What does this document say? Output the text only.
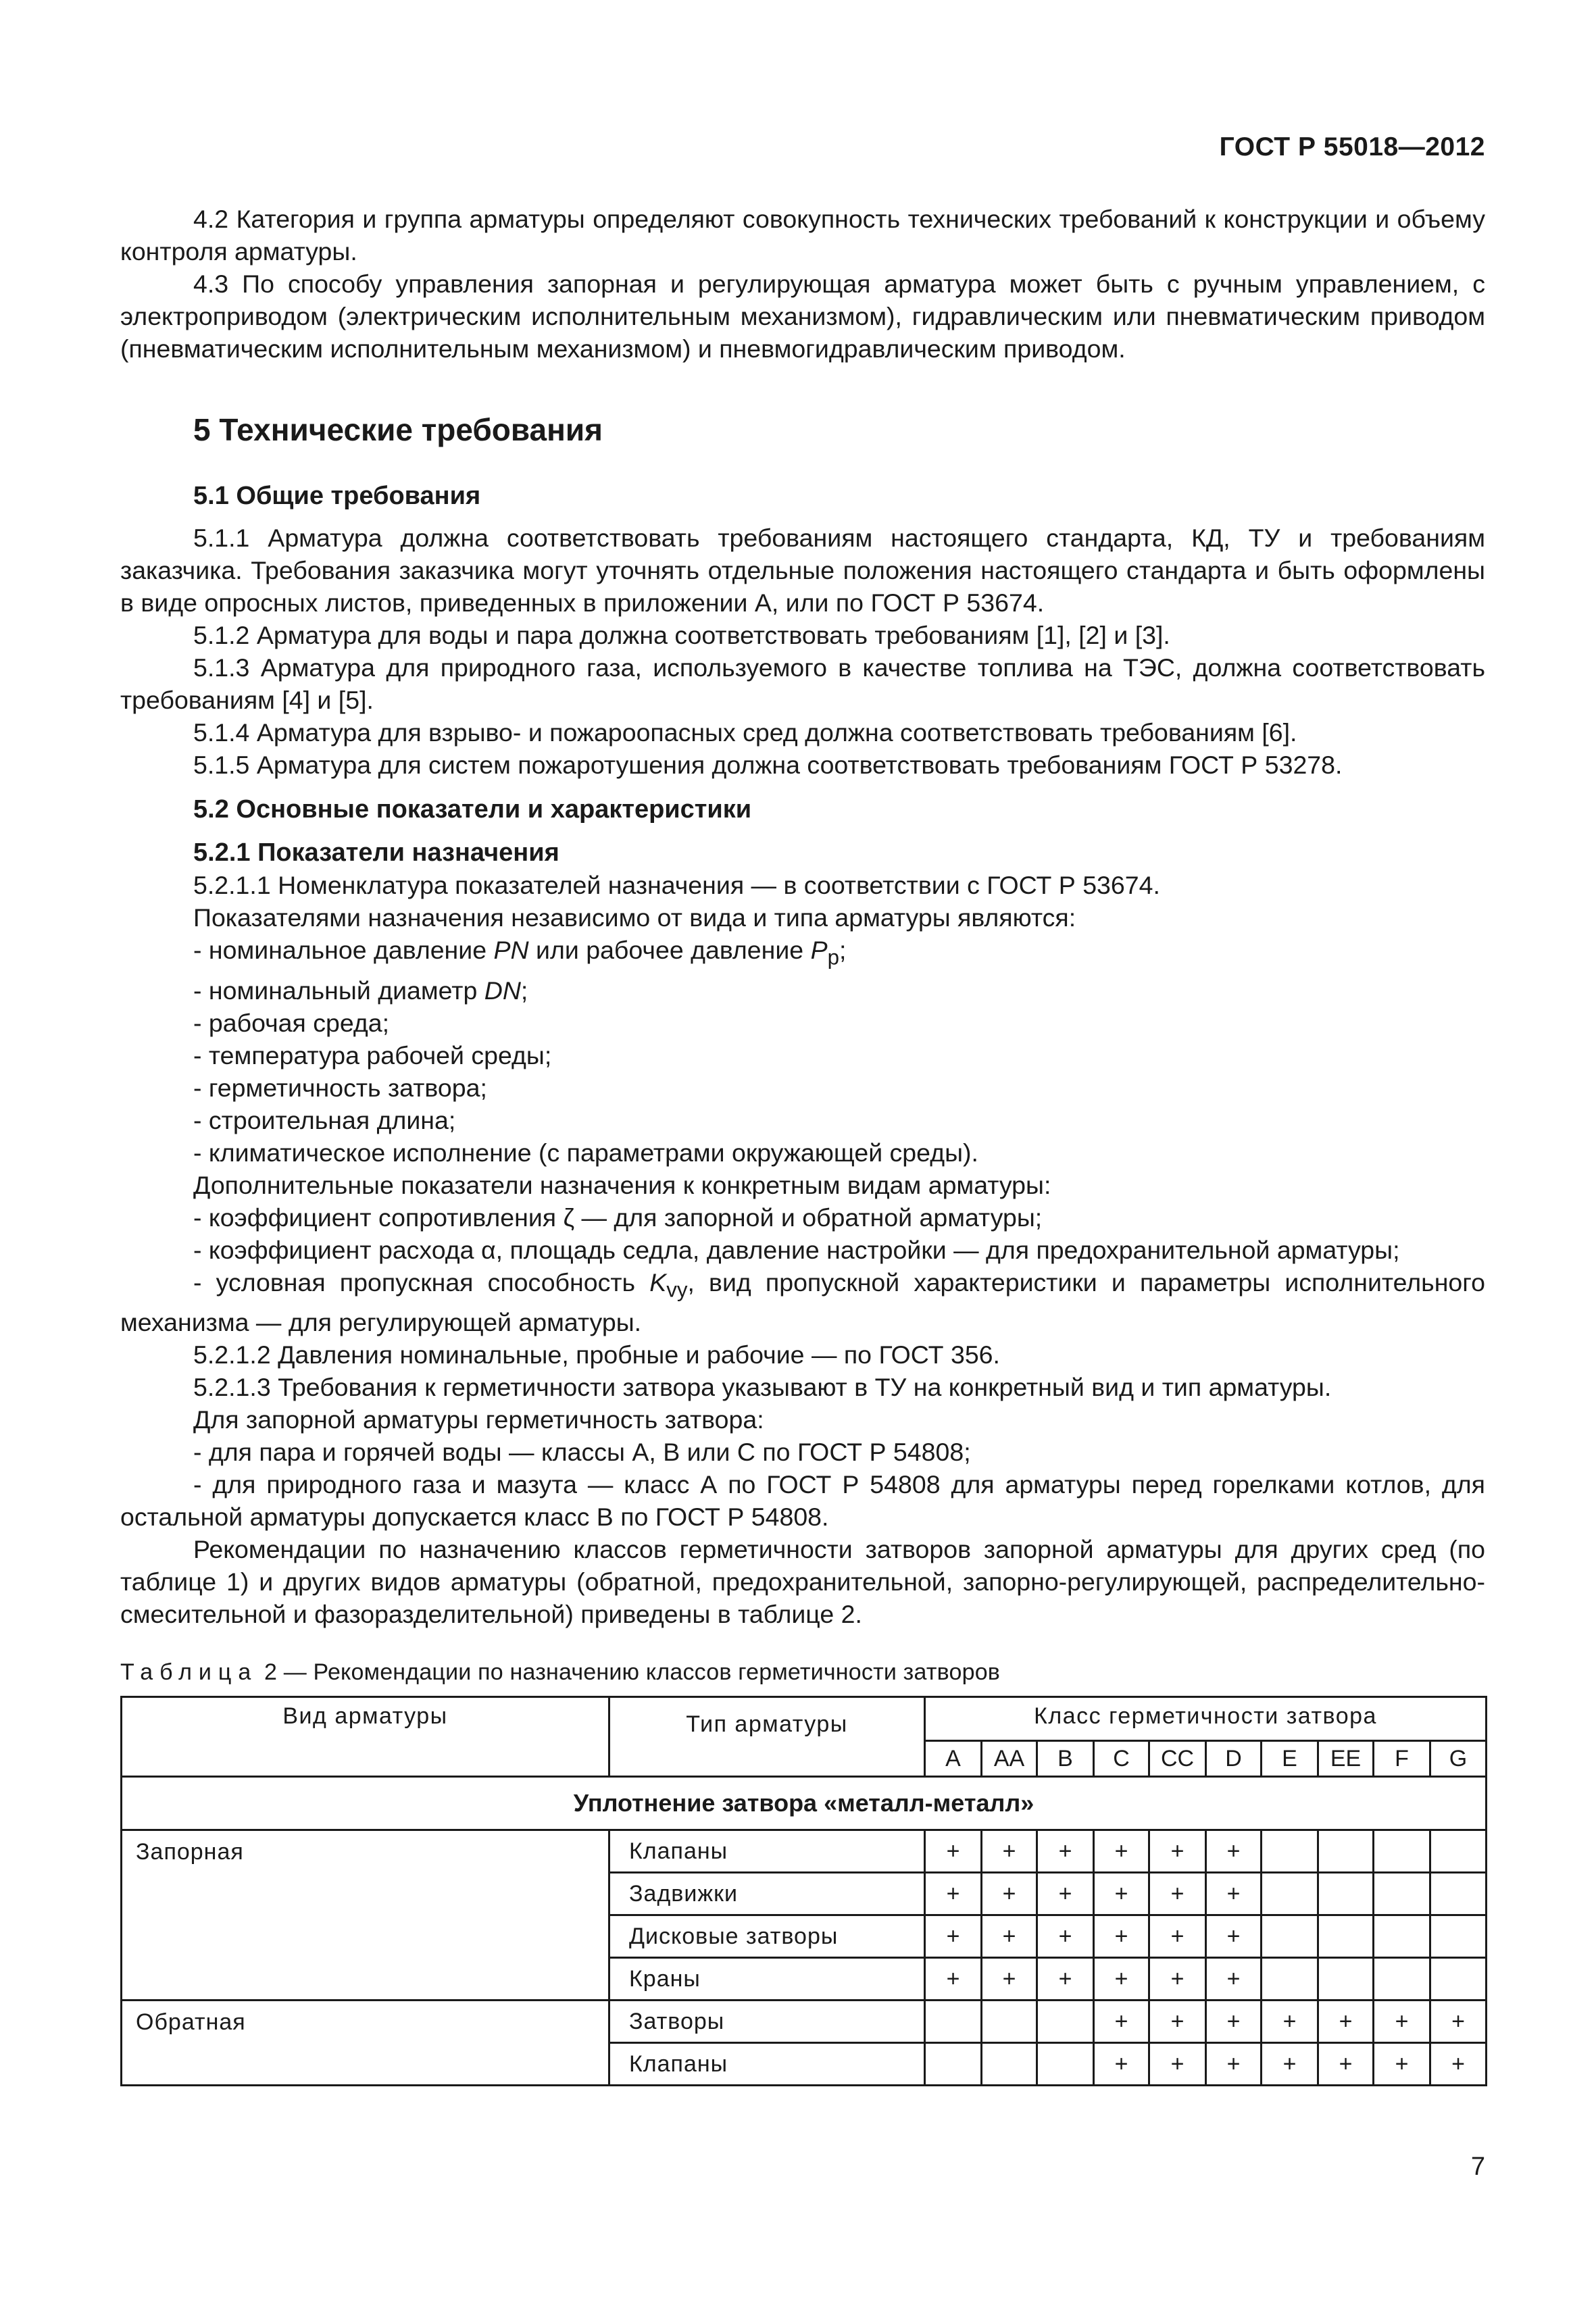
ГОСТ Р 55018—2012

4.2 Категория и группа арматуры определяют совокупность технических требований к конструкции и объему контроля арматуры.

4.3 По способу управления запорная и регулирующая арматура может быть с ручным управлением, с электроприводом (электрическим исполнительным механизмом), гидравлическим или пневматическим приводом (пневматическим исполнительным механизмом) и пневмогидравлическим приводом.

5 Технические требования
5.1 Общие требования

5.1.1 Арматура должна соответствовать требованиям настоящего стандарта, КД, ТУ и требованиям заказчика. Требования заказчика могут уточнять отдельные положения настоящего стандарта и быть оформлены в виде опросных листов, приведенных в приложении А, или по ГОСТ Р 53674.

5.1.2 Арматура для воды и пара должна соответствовать требованиям [1], [2] и [3].

5.1.3 Арматура для природного газа, используемого в качестве топлива на ТЭС, должна соответствовать требованиям [4] и [5].

5.1.4 Арматура для взрыво- и пожароопасных сред должна соответствовать требованиям [6].

5.1.5 Арматура для систем пожаротушения должна соответствовать требованиям ГОСТ Р 53278.

5.2 Основные показатели и характеристики
5.2.1 Показатели назначения

5.2.1.1 Номенклатура показателей назначения — в соответствии с ГОСТ Р 53674.

Показателями назначения независимо от вида и типа арматуры являются:

- номинальное давление PN или рабочее давление $P_р$;

- номинальный диаметр DN;

- рабочая среда;

- температура рабочей среды;

- герметичность затвора;

- строительная длина;

- климатическое исполнение (с параметрами окружающей среды).

Дополнительные показатели назначения к конкретным видам арматуры:

- коэффициент сопротивления ζ — для запорной и обратной арматуры;

- коэффициент расхода α, площадь седла, давление настройки — для предохранительной арматуры;

- условная пропускная способность $K_{vy}$, вид пропускной характеристики и параметры исполнительного механизма — для регулирующей арматуры.

5.2.1.2 Давления номинальные, пробные и рабочие — по ГОСТ 356.

5.2.1.3 Требования к герметичности затвора указывают в ТУ на конкретный вид и тип арматуры.

Для запорной арматуры герметичность затвора:

- для пара и горячей воды — классы А, В или С по ГОСТ Р 54808;

- для природного газа и мазута — класс А по ГОСТ Р 54808 для арматуры перед горелками котлов, для остальной арматуры допускается класс В по ГОСТ Р 54808.

Рекомендации по назначению классов герметичности затворов запорной арматуры для других сред (по таблице 1) и других видов арматуры (обратной, предохранительной, запорно-регулирующей, распределительно-смесительной и фазоразделительной) приведены в таблице 2.

Таблица 2 — Рекомендации по назначению классов герметичности затворов
Вид арматуры	Тип арматуры	Класс герметичности затвора									
		A	AA	B	C	CC	D	E	EE	F	G
Уплотнение затвора «металл-металл»											
Запорная	Клапаны	+	+	+	+	+	+				
	Задвижки	+	+	+	+	+	+				
	Дисковые затворы	+	+	+	+	+	+				
	Краны	+	+	+	+	+	+				
Обратная	Затворы				+	+	+	+	+	+	+
	Клапаны				+	+	+	+	+	+	+
7
